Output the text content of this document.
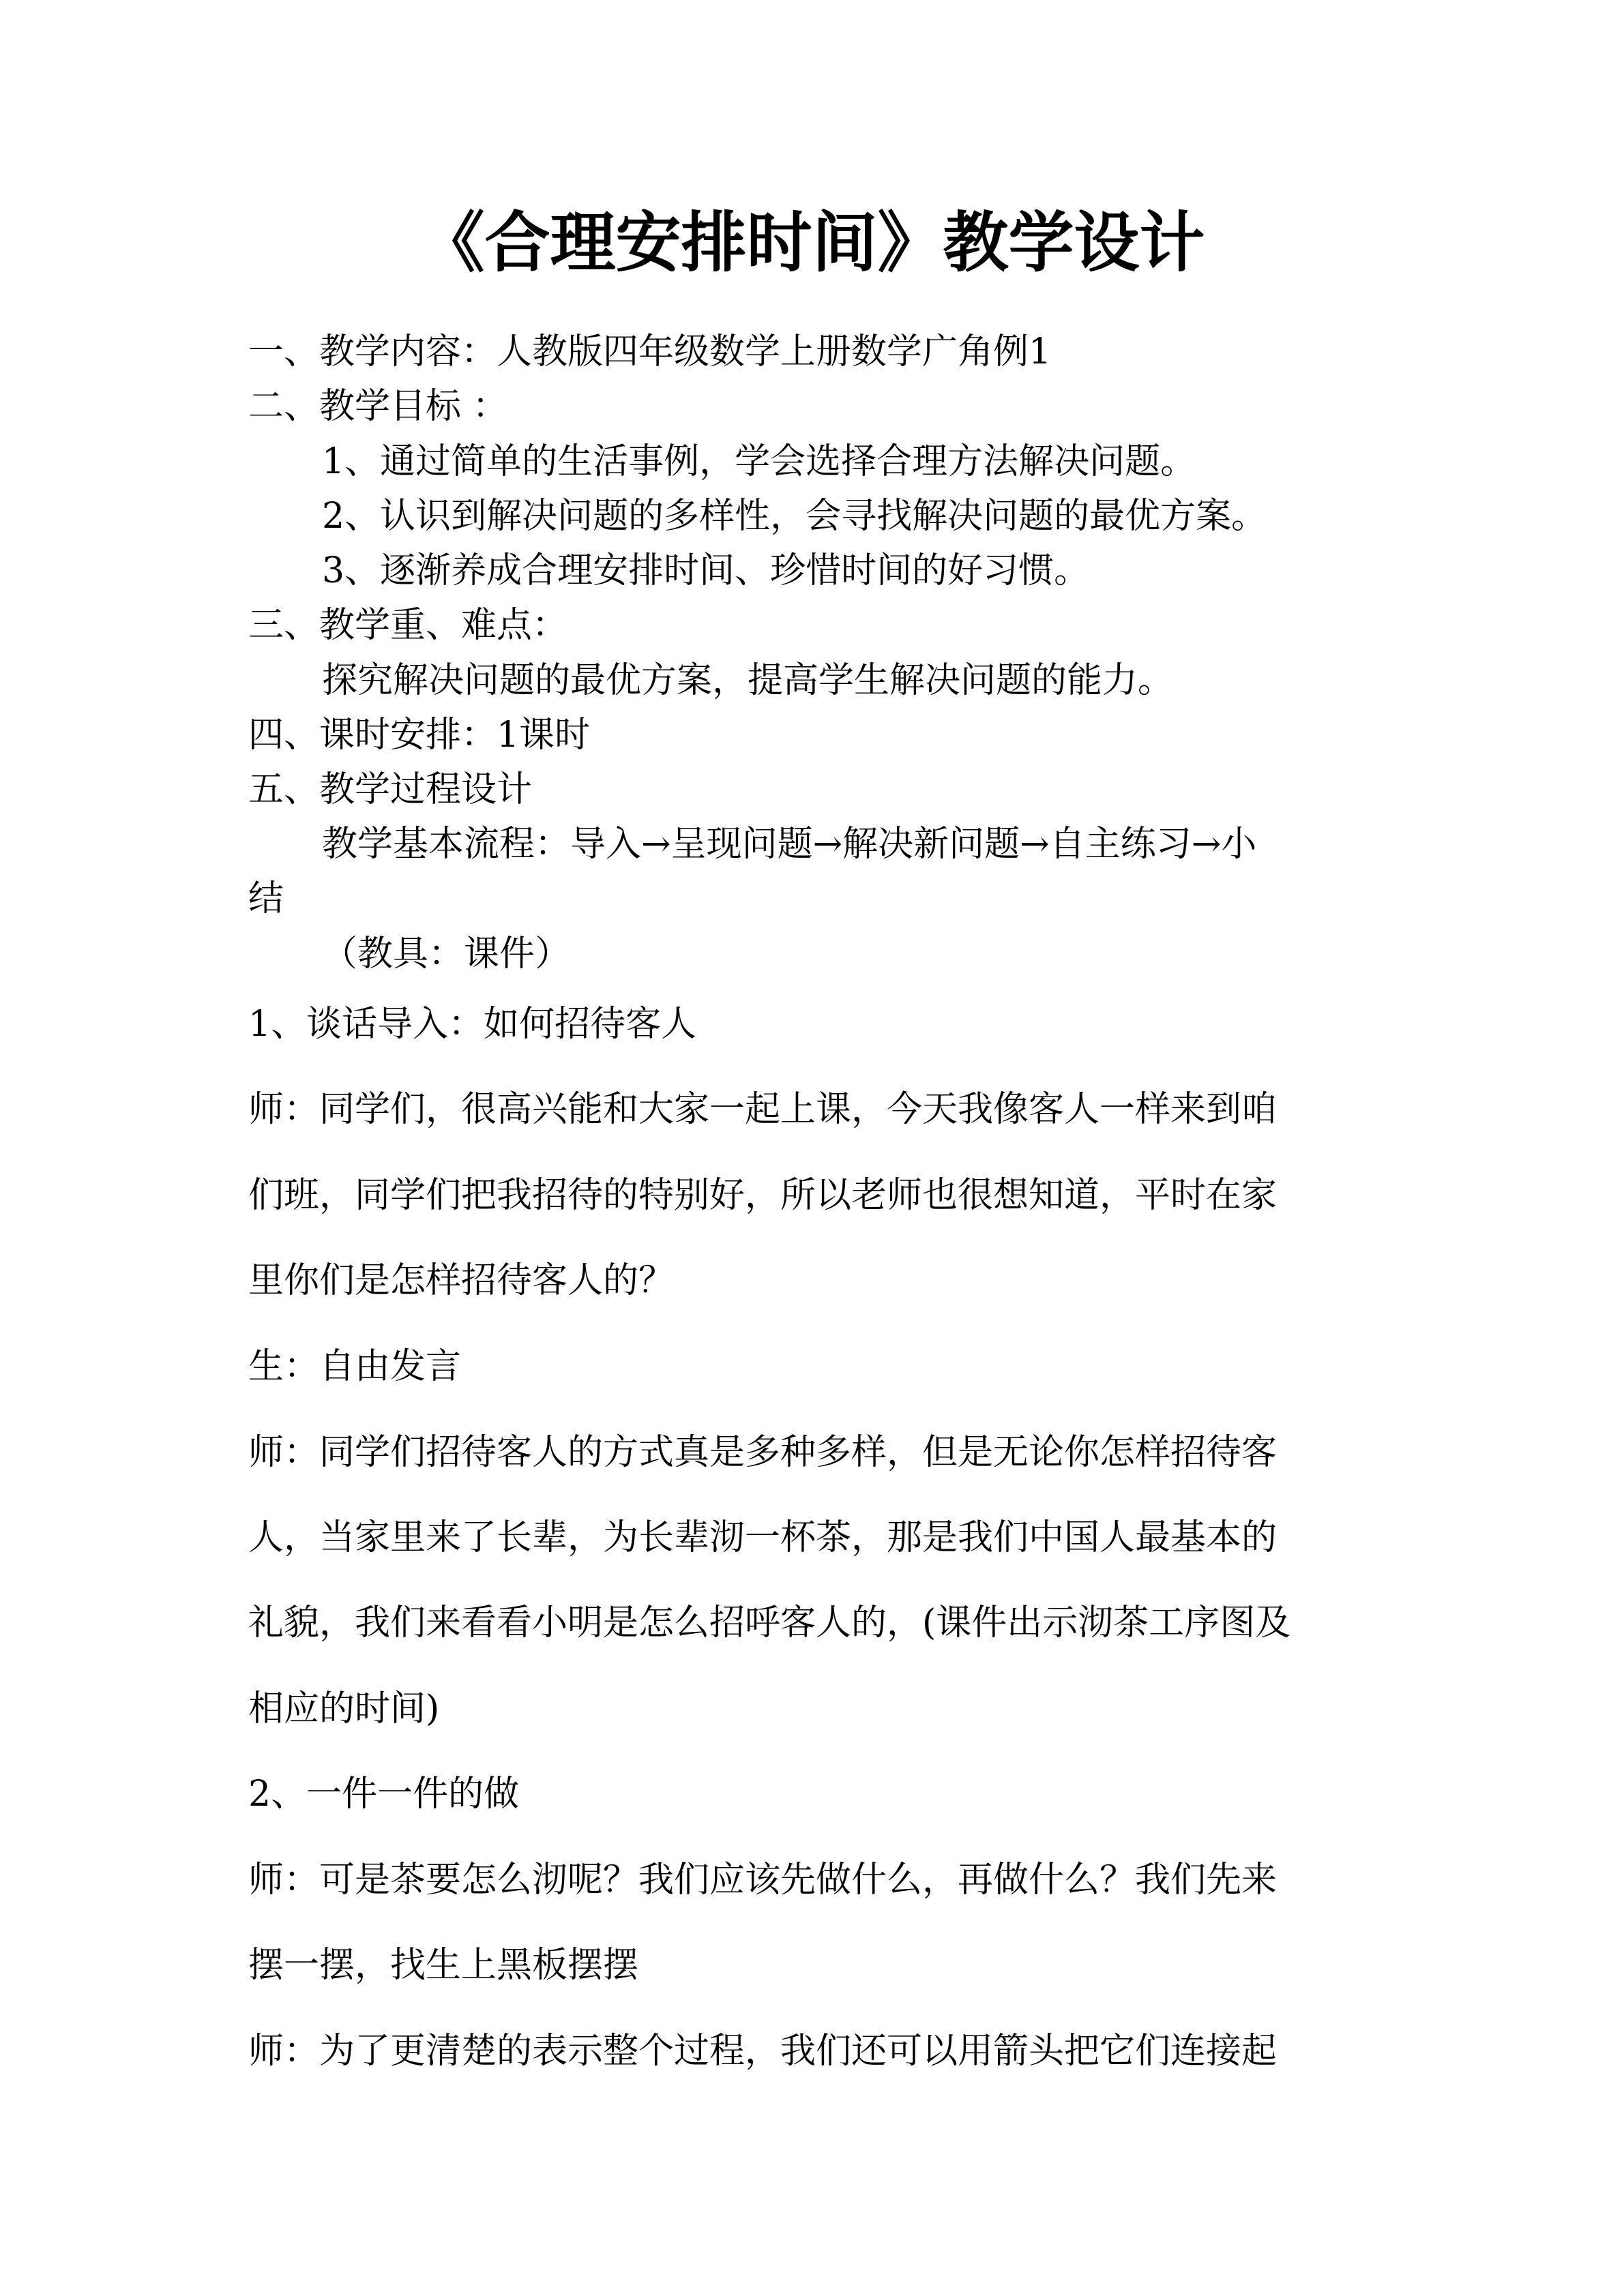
《合理安排时间》教学设计
一、教学内容：人教版四年级数学上册数学广角例1
二、教学目标 ：
1、通过简单的生活事例，学会选择合理方法解决问题。
2、认识到解决问题的多样性，会寻找解决问题的最优方案。
3、逐渐养成合理安排时间、珍惜时间的好习惯。
三、教学重、难点：
探究解决问题的最优方案，提高学生解决问题的能力。
四、课时安排：1课时
五、教学过程设计
教学基本流程：导入→呈现问题→解决新问题→自主练习→小
结
（教具：课件）
1、谈话导入：如何招待客人
师：同学们，很高兴能和大家一起上课，今天我像客人一样来到咱
们班，同学们把我招待的特别好，所以老师也很想知道，平时在家
里你们是怎样招待客人的？
生：自由发言
师：同学们招待客人的方式真是多种多样，但是无论你怎样招待客
人，当家里来了长辈，为长辈沏一杯茶，那是我们中国人最基本的
礼貌，我们来看看小明是怎么招呼客人的，(课件出示沏茶工序图及
相应的时间)
2、一件一件的做
师：可是茶要怎么沏呢？我们应该先做什么，再做什么？我们先来
摆一摆，找生上黑板摆摆
师：为了更清楚的表示整个过程，我们还可以用箭头把它们连接起
